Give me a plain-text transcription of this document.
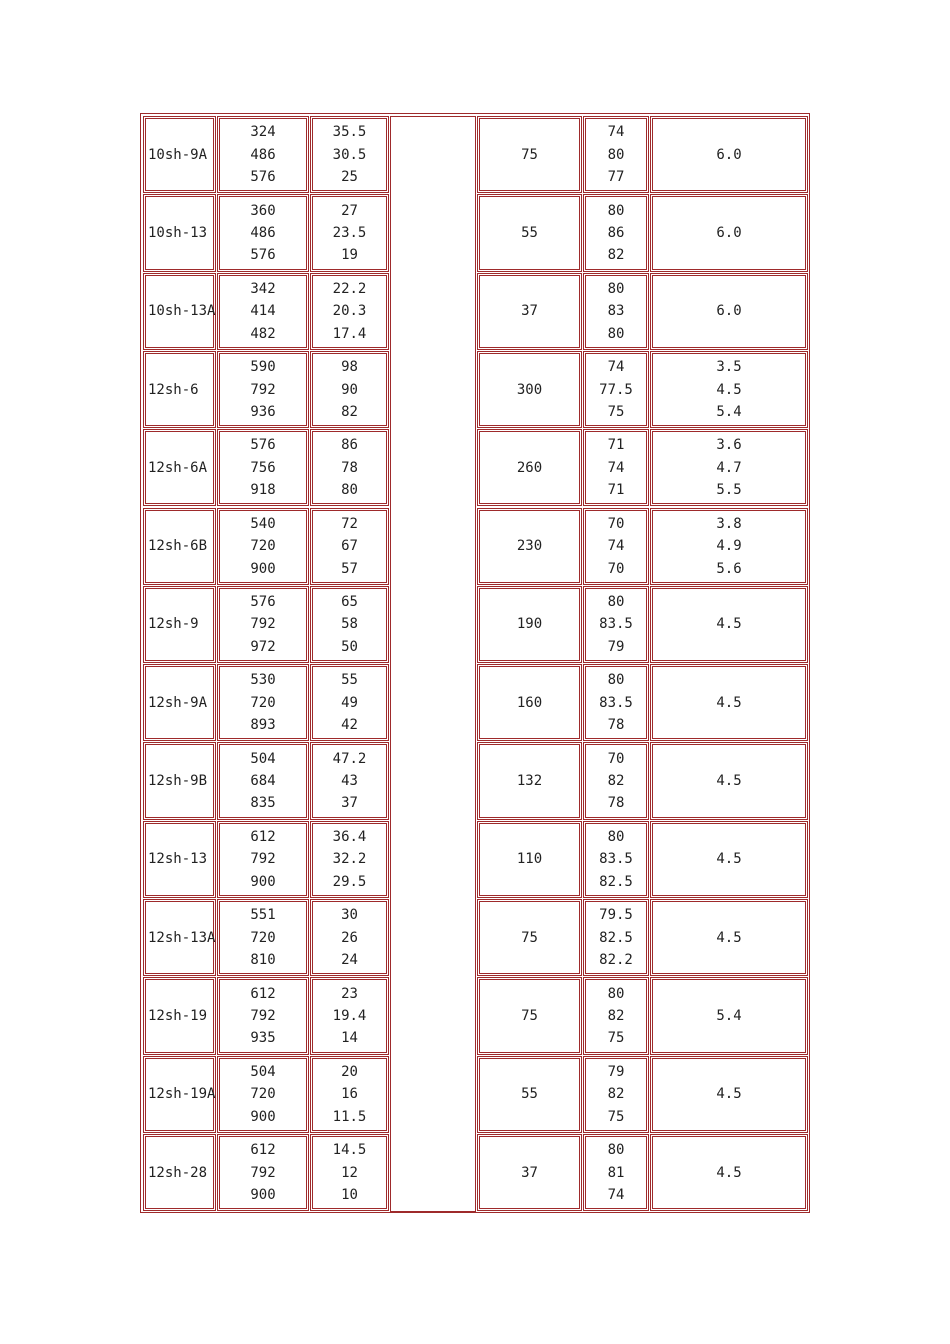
10sh-9A
324
486
576
35.5
30.5
25
75
74
80
77
6.0
10sh-13
360
486
576
27
23.5
19
55
80
86
82
6.0
10sh-13A
342
414
482
22.2
20.3
17.4
37
80
83
80
6.0
12sh-6
590
792
936
98
90
82
300
74
77.5
75
3.5
4.5
5.4
12sh-6A
576
756
918
86
78
80
260
71
74
71
3.6
4.7
5.5
12sh-6B
540
720
900
72
67
57
230
70
74
70
3.8
4.9
5.6
12sh-9
576
792
972
65
58
50
190
80
83.5
79
4.5
12sh-9A
530
720
893
55
49
42
160
80
83.5
78
4.5
12sh-9B
504
684
835
47.2
43
37
132
70
82
78
4.5
12sh-13
612
792
900
36.4
32.2
29.5
110
80
83.5
82.5
4.5
12sh-13A
551
720
810
30
26
24
75
79.5
82.5
82.2
4.5
12sh-19
612
792
935
23
19.4
14
75
80
82
75
5.4
12sh-19A
504
720
900
20
16
11.5
55
79
82
75
4.5
12sh-28
612
792
900
14.5
12
10
37
80
81
74
4.5
